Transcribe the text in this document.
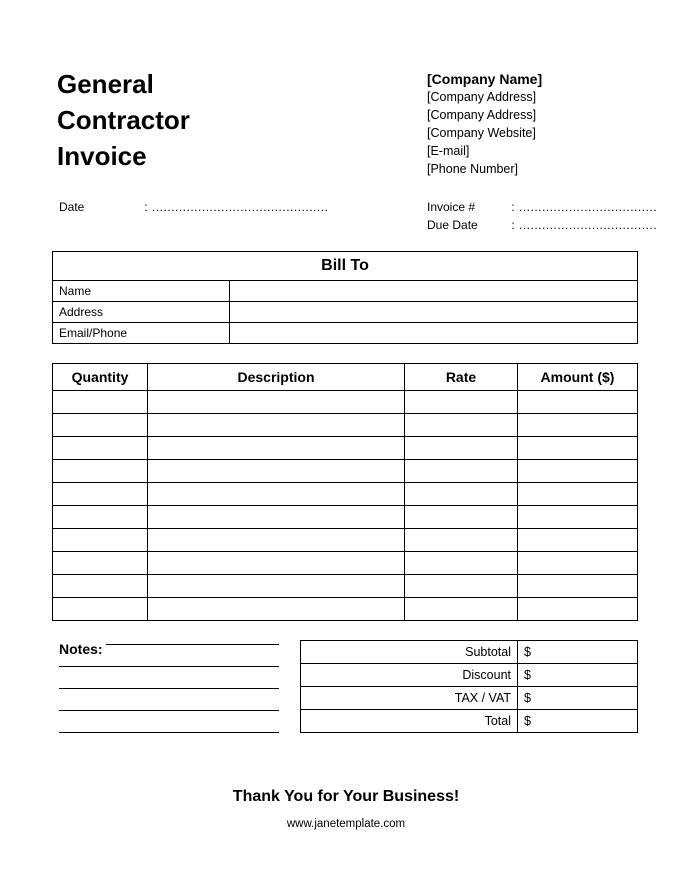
General
Contractor
Invoice
[Company Name]
[Company Address]
[Company Address]
[Company Website]
[E-mail]
[Phone Number]
Date	: ..............................................	Invoice #	: ....................................
Due Date	: ....................................
Bill To	
Name	
Address	
Email/Phone	
Quantity	Description	Rate	Amount ($)

Notes:	Subtotal	$
Discount	$
TAX / VAT	$
Total	$
Thank You for Your Business!
www.janetemplate.com
